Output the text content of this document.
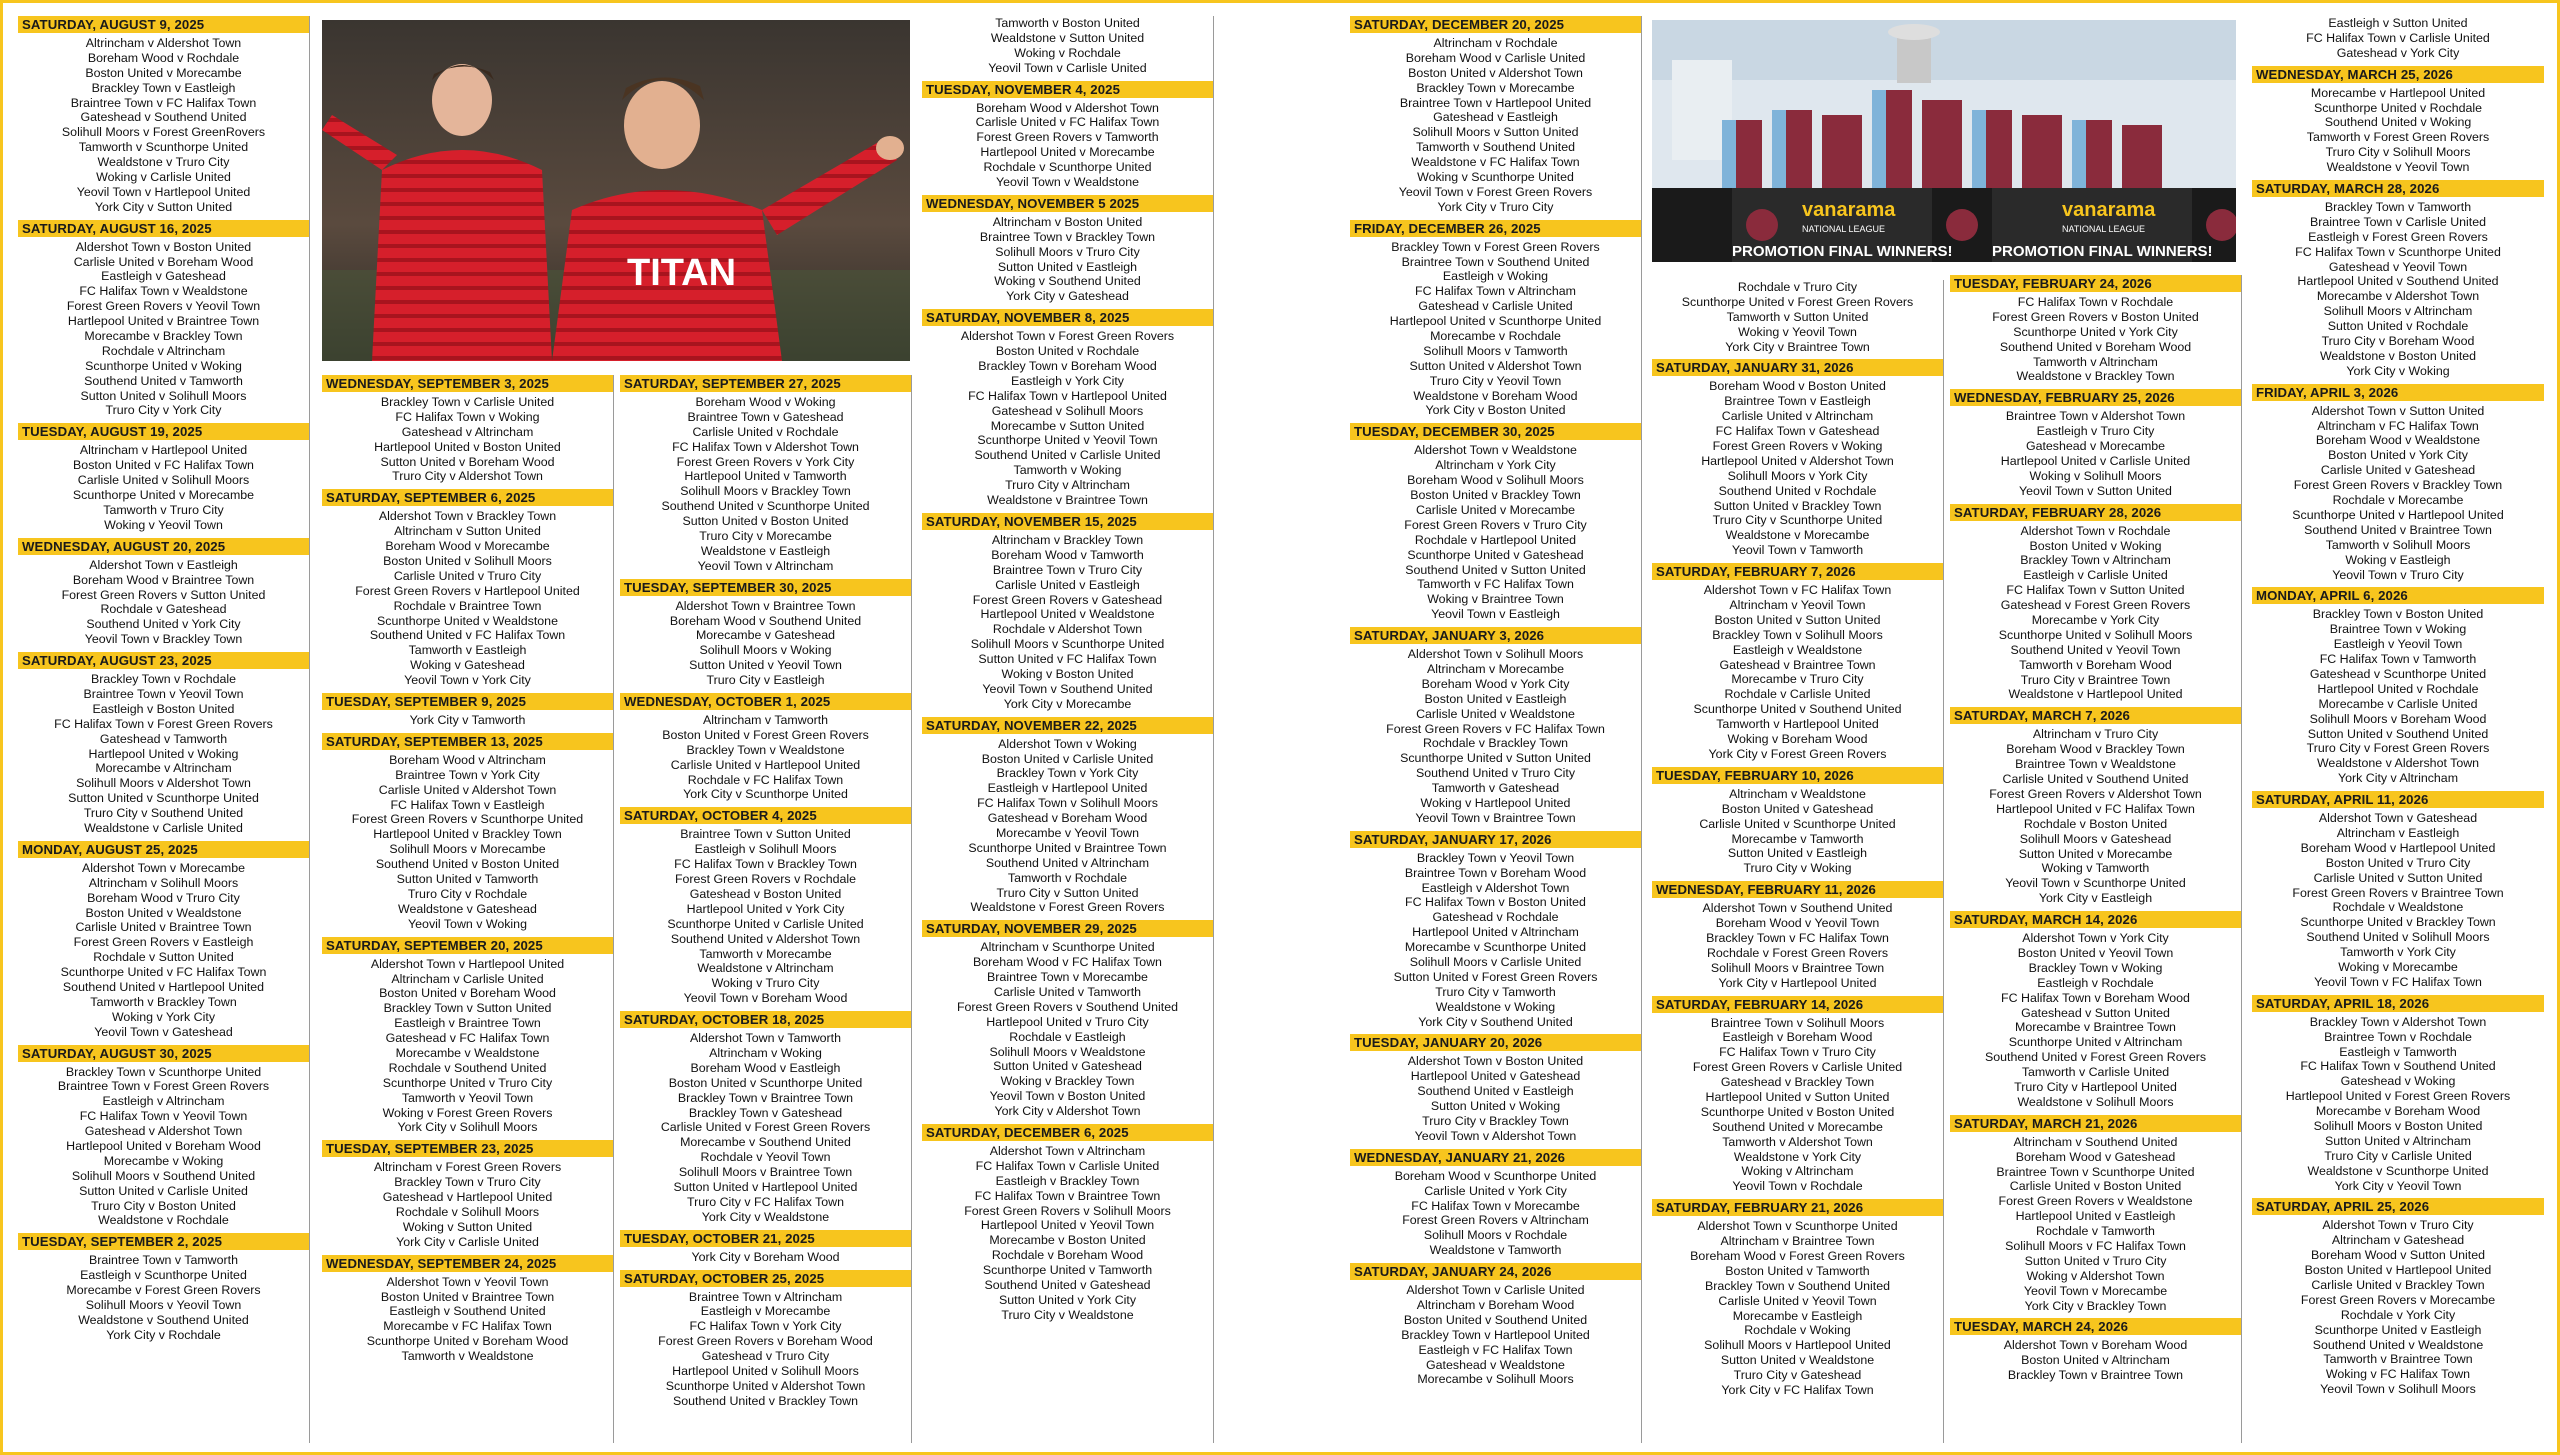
TITAN
vanarama	vanarama
NATIONAL LEAGUE	NATIONAL LEAGUE
PROMOTION FINAL WINNERS!	PROMOTION FINAL WINNERS!
SATURDAY, AUGUST 9, 2025
Altrincham v Aldershot Town
Boreham Wood v Rochdale
Boston United v Morecambe
Brackley Town v Eastleigh
Braintree Town v FC Halifax Town
Gateshead v Southend United
Solihull Moors v Forest GreenRovers
Tamworth v Scunthorpe United
Wealdstone v Truro City
Woking v Carlisle United
Yeovil Town v Hartlepool United
York City v Sutton United
SATURDAY, AUGUST 16, 2025
Aldershot Town v Boston United
Carlisle United v Boreham Wood
Eastleigh v Gateshead
FC Halifax Town v Wealdstone
Forest Green Rovers v Yeovil Town
Hartlepool United v Braintree Town
Morecambe v Brackley Town
Rochdale v Altrincham
Scunthorpe United v Woking
Southend United v Tamworth
Sutton United v Solihull Moors
Truro City v York City
TUESDAY, AUGUST 19, 2025
Altrincham v Hartlepool United
Boston United v FC Halifax Town
Carlisle United v Solihull Moors
Scunthorpe United v Morecambe
Tamworth v Truro City
Woking v Yeovil Town
WEDNESDAY, AUGUST 20, 2025
Aldershot Town v Eastleigh
Boreham Wood v Braintree Town
Forest Green Rovers v Sutton United
Rochdale v Gateshead
Southend United v York City
Yeovil Town v Brackley Town
SATURDAY, AUGUST 23, 2025
Brackley Town v Rochdale
Braintree Town v Yeovil Town
Eastleigh v Boston United
FC Halifax Town v Forest Green Rovers
Gateshead v Tamworth
Hartlepool United v Woking
Morecambe v Altrincham
Solihull Moors v Aldershot Town
Sutton United v Scunthorpe United
Truro City v Southend United
Wealdstone v Carlisle United
MONDAY, AUGUST 25, 2025
Aldershot Town v Morecambe
Altrincham v Solihull Moors
Boreham Wood v Truro City
Boston United v Wealdstone
Carlisle United v Braintree Town
Forest Green Rovers v Eastleigh
Rochdale v Sutton United
Scunthorpe United v FC Halifax Town
Southend United v Hartlepool United
Tamworth v Brackley Town
Woking v York City
Yeovil Town v Gateshead
SATURDAY, AUGUST 30, 2025
Brackley Town v Scunthorpe United
Braintree Town v Forest Green Rovers
Eastleigh v Altrincham
FC Halifax Town v Yeovil Town
Gateshead v Aldershot Town
Hartlepool United v Boreham Wood
Morecambe v Woking
Solihull Moors v Southend United
Sutton United v Carlisle United
Truro City v Boston United
Wealdstone v Rochdale
TUESDAY, SEPTEMBER 2, 2025
Braintree Town v Tamworth
Eastleigh v Scunthorpe United
Morecambe v Forest Green Rovers
Solihull Moors v Yeovil Town
Wealdstone v Southend United
York City v Rochdale
WEDNESDAY, SEPTEMBER 3, 2025
Brackley Town v Carlisle United
FC Halifax Town v Woking
Gateshead v Altrincham
Hartlepool United v Boston United
Sutton United v Boreham Wood
Truro City v Aldershot Town
SATURDAY, SEPTEMBER 6, 2025
Aldershot Town v Brackley Town
Altrincham v Sutton United
Boreham Wood v Morecambe
Boston United v Solihull Moors
Carlisle United v Truro City
Forest Green Rovers v Hartlepool United
Rochdale v Braintree Town
Scunthorpe United v Wealdstone
Southend United v FC Halifax Town
Tamworth v Eastleigh
Woking v Gateshead
Yeovil Town v York City
TUESDAY, SEPTEMBER 9, 2025
York City v Tamworth
SATURDAY, SEPTEMBER 13, 2025
Boreham Wood v Altrincham
Braintree Town v York City
Carlisle United v Aldershot Town
FC Halifax Town v Eastleigh
Forest Green Rovers v Scunthorpe United
Hartlepool United v Brackley Town
Solihull Moors v Morecambe
Southend United v Boston United
Sutton United v Tamworth
Truro City v Rochdale
Wealdstone v Gateshead
Yeovil Town v Woking
SATURDAY, SEPTEMBER 20, 2025
Aldershot Town v Hartlepool United
Altrincham v Carlisle United
Boston United v Boreham Wood
Brackley Town v Sutton United
Eastleigh v Braintree Town
Gateshead v FC Halifax Town
Morecambe v Wealdstone
Rochdale v Southend United
Scunthorpe United v Truro City
Tamworth v Yeovil Town
Woking v Forest Green Rovers
York City v Solihull Moors
TUESDAY, SEPTEMBER 23, 2025
Altrincham v Forest Green Rovers
Brackley Town v Truro City
Gateshead v Hartlepool United
Rochdale v Solihull Moors
Woking v Sutton United
York City v Carlisle United
WEDNESDAY, SEPTEMBER 24, 2025
Aldershot Town v Yeovil Town
Boston United v Braintree Town
Eastleigh v Southend United
Morecambe v FC Halifax Town
Scunthorpe United v Boreham Wood
Tamworth v Wealdstone
SATURDAY, SEPTEMBER 27, 2025
Boreham Wood v Woking
Braintree Town v Gateshead
Carlisle United v Rochdale
FC Halifax Town v Aldershot Town
Forest Green Rovers v York City
Hartlepool United v Tamworth
Solihull Moors v Brackley Town
Southend United v Scunthorpe United
Sutton United v Boston United
Truro City v Morecambe
Wealdstone v Eastleigh
Yeovil Town v Altrincham
TUESDAY, SEPTEMBER 30, 2025
Aldershot Town v Braintree Town
Boreham Wood v Southend United
Morecambe v Gateshead
Solihull Moors v Woking
Sutton United v Yeovil Town
Truro City v Eastleigh
WEDNESDAY, OCTOBER 1, 2025
Altrincham v Tamworth
Boston United v Forest Green Rovers
Brackley Town v Wealdstone
Carlisle United v Hartlepool United
Rochdale v FC Halifax Town
York City v Scunthorpe United
SATURDAY, OCTOBER 4, 2025
Braintree Town v Sutton United
Eastleigh v Solihull Moors
FC Halifax Town v Brackley Town
Forest Green Rovers v Rochdale
Gateshead v Boston United
Hartlepool United v York City
Scunthorpe United v Carlisle United
Southend United v Aldershot Town
Tamworth v Morecambe
Wealdstone v Altrincham
Woking v Truro City
Yeovil Town v Boreham Wood
SATURDAY, OCTOBER 18, 2025
Aldershot Town v Tamworth
Altrincham v Woking
Boreham Wood v Eastleigh
Boston United v Scunthorpe United
Brackley Town v Braintree Town
Brackley Town v Gateshead
Carlisle United v Forest Green Rovers
Morecambe v Southend United
Rochdale v Yeovil Town
Solihull Moors v Braintree Town
Sutton United v Hartlepool United
Truro City v FC Halifax Town
York City v Wealdstone
TUESDAY, OCTOBER 21, 2025
York City v Boreham Wood
SATURDAY, OCTOBER 25, 2025
Braintree Town v Altrincham
Eastleigh v Morecambe
FC Halifax Town v York City
Forest Green Rovers v Boreham Wood
Gateshead v Truro City
Hartlepool United v Solihull Moors
Scunthorpe United v Aldershot Town
Southend United v Brackley Town
Tamworth v Boston United
Wealdstone v Sutton United
Woking v Rochdale
Yeovil Town v Carlisle United
TUESDAY, NOVEMBER 4, 2025
Boreham Wood v Aldershot Town
Carlisle United v FC Halifax Town
Forest Green Rovers v Tamworth
Hartlepool United v Morecambe
Rochdale v Scunthorpe United
Yeovil Town v Wealdstone
WEDNESDAY, NOVEMBER 5 2025
Altrincham v Boston United
Braintree Town v Brackley Town
Solihull Moors v Truro City
Sutton United v Eastleigh
Woking v Southend United
York City v Gateshead
SATURDAY, NOVEMBER 8, 2025
Aldershot Town v Forest Green Rovers
Boston United v Rochdale
Brackley Town v Boreham Wood
Eastleigh v York City
FC Halifax Town v Hartlepool United
Gateshead v Solihull Moors
Morecambe v Sutton United
Scunthorpe United v Yeovil Town
Southend United v Carlisle United
Tamworth v Woking
Truro City v Altrincham
Wealdstone v Braintree Town
SATURDAY, NOVEMBER 15, 2025
Altrincham v Brackley Town
Boreham Wood v Tamworth
Braintree Town v Truro City
Carlisle United v Eastleigh
Forest Green Rovers v Gateshead
Hartlepool United v Wealdstone
Rochdale v Aldershot Town
Solihull Moors v Scunthorpe United
Sutton United v FC Halifax Town
Woking v Boston United
Yeovil Town v Southend United
York City v Morecambe
SATURDAY, NOVEMBER 22, 2025
Aldershot Town v Woking
Boston United v Carlisle United
Brackley Town v York City
Eastleigh v Hartlepool United
FC Halifax Town v Solihull Moors
Gateshead v Boreham Wood
Morecambe v Yeovil Town
Scunthorpe United v Braintree Town
Southend United v Altrincham
Tamworth v Rochdale
Truro City v Sutton United
Wealdstone v Forest Green Rovers
SATURDAY, NOVEMBER 29, 2025
Altrincham v Scunthorpe United
Boreham Wood v FC Halifax Town
Braintree Town v Morecambe
Carlisle United v Tamworth
Forest Green Rovers v Southend United
Hartlepool United v Truro City
Rochdale v Eastleigh
Solihull Moors v Wealdstone
Sutton United v Gateshead
Woking v Brackley Town
Yeovil Town v Boston United
York City v Aldershot Town
SATURDAY, DECEMBER 6, 2025
Aldershot Town v Altrincham
FC Halifax Town v Carlisle United
Eastleigh v Brackley Town
FC Halifax Town v Braintree Town
Forest Green Rovers v Solihull Moors
Hartlepool United v Yeovil Town
Morecambe v Boston United
Rochdale v Boreham Wood
Scunthorpe United v Tamworth
Southend United v Gateshead
Sutton United v York City
Truro City v Wealdstone
SATURDAY, DECEMBER 20, 2025
Altrincham v Rochdale
Boreham Wood v Carlisle United
Boston United v Aldershot Town
Brackley Town v Morecambe
Braintree Town v Hartlepool United
Gateshead v Eastleigh
Solihull Moors v Sutton United
Tamworth v Southend United
Wealdstone v FC Halifax Town
Woking v Scunthorpe United
Yeovil Town v Forest Green Rovers
York City v Truro City
FRIDAY, DECEMBER 26, 2025
Brackley Town v Forest Green Rovers
Braintree Town v Southend United
Eastleigh v Woking
FC Halifax Town v Altrincham
Gateshead v Carlisle United
Hartlepool United v Scunthorpe United
Morecambe v Rochdale
Solihull Moors v Tamworth
Sutton United v Aldershot Town
Truro City v Yeovil Town
Wealdstone v Boreham Wood
York City v Boston United
TUESDAY, DECEMBER 30, 2025
Aldershot Town v Wealdstone
Altrincham v York City
Boreham Wood v Solihull Moors
Boston United v Brackley Town
Carlisle United v Morecambe
Forest Green Rovers v Truro City
Rochdale v Hartlepool United
Scunthorpe United v Gateshead
Southend United v Sutton United
Tamworth v FC Halifax Town
Woking v Braintree Town
Yeovil Town v Eastleigh
SATURDAY, JANUARY 3, 2026
Aldershot Town v Solihull Moors
Altrincham v Morecambe
Boreham Wood v York City
Boston United v Eastleigh
Carlisle United v Wealdstone
Forest Green Rovers v FC Halifax Town
Rochdale v Brackley Town
Scunthorpe United v Sutton United
Southend United v Truro City
Tamworth v Gateshead
Woking v Hartlepool United
Yeovil Town v Braintree Town
SATURDAY, JANUARY 17, 2026
Brackley Town v Yeovil Town
Braintree Town v Boreham Wood
Eastleigh v Aldershot Town
FC Halifax Town v Boston United
Gateshead v Rochdale
Hartlepool United v Altrincham
Morecambe v Scunthorpe United
Solihull Moors v Carlisle United
Sutton United v Forest Green Rovers
Truro City v Tamworth
Wealdstone v Woking
York City v Southend United
TUESDAY, JANUARY 20, 2026
Aldershot Town v Boston United
Hartlepool United v Gateshead
Southend United v Eastleigh
Sutton United v Woking
Truro City v Brackley Town
Yeovil Town v Aldershot Town
WEDNESDAY, JANUARY 21, 2026
Boreham Wood v Scunthorpe United
Carlisle United v York City
FC Halifax Town v Morecambe
Forest Green Rovers v Altrincham
Solihull Moors v Rochdale
Wealdstone v Tamworth
SATURDAY, JANUARY 24, 2026
Aldershot Town v Carlisle United
Altrincham v Boreham Wood
Boston United v Southend United
Brackley Town v Hartlepool United
Eastleigh v FC Halifax Town
Gateshead v Wealdstone
Morecambe v Solihull Moors
Rochdale v Truro City
Scunthorpe United v Forest Green Rovers
Tamworth v Sutton United
Woking v Yeovil Town
York City v Braintree Town
SATURDAY, JANUARY 31, 2026
Boreham Wood v Boston United
Braintree Town v Eastleigh
Carlisle United v Altrincham
FC Halifax Town v Gateshead
Forest Green Rovers v Woking
Hartlepool United v Aldershot Town
Solihull Moors v York City
Southend United v Rochdale
Sutton United v Brackley Town
Truro City v Scunthorpe United
Wealdstone v Morecambe
Yeovil Town v Tamworth
SATURDAY, FEBRUARY 7, 2026
Aldershot Town v FC Halifax Town
Altrincham v Yeovil Town
Boston United v Sutton United
Brackley Town v Solihull Moors
Eastleigh v Wealdstone
Gateshead v Braintree Town
Morecambe v Truro City
Rochdale v Carlisle United
Scunthorpe United v Southend United
Tamworth v Hartlepool United
Woking v Boreham Wood
York City v Forest Green Rovers
TUESDAY, FEBRUARY 10, 2026
Altrincham v Wealdstone
Boston United v Gateshead
Carlisle United v Scunthorpe United
Morecambe v Tamworth
Sutton United v Eastleigh
Truro City v Woking
WEDNESDAY, FEBRUARY 11, 2026
Aldershot Town v Southend United
Boreham Wood v Yeovil Town
Brackley Town v FC Halifax Town
Rochdale v Forest Green Rovers
Solihull Moors v Braintree Town
York City v Hartlepool United
SATURDAY, FEBRUARY 14, 2026
Braintree Town v Solihull Moors
Eastleigh v Boreham Wood
FC Halifax Town v Truro City
Forest Green Rovers v Carlisle United
Gateshead v Brackley Town
Hartlepool United v Sutton United
Scunthorpe United v Boston United
Southend United v Morecambe
Tamworth v Aldershot Town
Wealdstone v York City
Woking v Altrincham
Yeovil Town v Rochdale
SATURDAY, FEBRUARY 21, 2026
Aldershot Town v Scunthorpe United
Altrincham v Braintree Town
Boreham Wood v Forest Green Rovers
Boston United v Tamworth
Brackley Town v Southend United
Carlisle United v Yeovil Town
Morecambe v Eastleigh
Rochdale v Woking
Solihull Moors v Hartlepool United
Sutton United v Wealdstone
Truro City v Gateshead
York City v FC Halifax Town
TUESDAY, FEBRUARY 24, 2026
FC Halifax Town v Rochdale
Forest Green Rovers v Boston United
Scunthorpe United v York City
Southend United v Boreham Wood
Tamworth v Altrincham
Wealdstone v Brackley Town
WEDNESDAY, FEBRUARY 25, 2026
Braintree Town v Aldershot Town
Eastleigh v Truro City
Gateshead v Morecambe
Hartlepool United v Carlisle United
Woking v Solihull Moors
Yeovil Town v Sutton United
SATURDAY, FEBRUARY 28, 2026
Aldershot Town v Rochdale
Boston United v Woking
Brackley Town v Altrincham
Eastleigh v Carlisle United
FC Halifax Town v Sutton United
Gateshead v Forest Green Rovers
Morecambe v York City
Scunthorpe United v Solihull Moors
Southend United v Yeovil Town
Tamworth v Boreham Wood
Truro City v Braintree Town
Wealdstone v Hartlepool United
SATURDAY, MARCH 7, 2026
Altrincham v Truro City
Boreham Wood v Brackley Town
Braintree Town v Wealdstone
Carlisle United v Southend United
Forest Green Rovers v Aldershot Town
Hartlepool United v FC Halifax Town
Rochdale v Boston United
Solihull Moors v Gateshead
Sutton United v Morecambe
Woking v Tamworth
Yeovil Town v Scunthorpe United
York City v Eastleigh
SATURDAY, MARCH 14, 2026
Aldershot Town v York City
Boston United v Yeovil Town
Brackley Town v Woking
Eastleigh v Rochdale
FC Halifax Town v Boreham Wood
Gateshead v Sutton United
Morecambe v Braintree Town
Scunthorpe United v Altrincham
Southend United v Forest Green Rovers
Tamworth v Carlisle United
Truro City v Hartlepool United
Wealdstone v Solihull Moors
SATURDAY, MARCH 21, 2026
Altrincham v Southend United
Boreham Wood v Gateshead
Braintree Town v Scunthorpe United
Carlisle United v Boston United
Forest Green Rovers v Wealdstone
Hartlepool United v Eastleigh
Rochdale v Tamworth
Solihull Moors v FC Halifax Town
Sutton United v Truro City
Woking v Aldershot Town
Yeovil Town v Morecambe
York City v Brackley Town
TUESDAY, MARCH 24, 2026
Aldershot Town v Boreham Wood
Boston United v Altrincham
Brackley Town v Braintree Town
Eastleigh v Sutton United
FC Halifax Town v Carlisle United
Gateshead v York City
WEDNESDAY, MARCH 25, 2026
Morecambe v Hartlepool United
Scunthorpe United v Rochdale
Southend United v Woking
Tamworth v Forest Green Rovers
Truro City v Solihull Moors
Wealdstone v Yeovil Town
SATURDAY, MARCH 28, 2026
Brackley Town v Tamworth
Braintree Town v Carlisle United
Eastleigh v Forest Green Rovers
FC Halifax Town v Scunthorpe United
Gateshead v Yeovil Town
Hartlepool United v Southend United
Morecambe v Aldershot Town
Solihull Moors v Altrincham
Sutton United v Rochdale
Truro City v Boreham Wood
Wealdstone v Boston United
York City v Woking
FRIDAY, APRIL 3, 2026
Aldershot Town v Sutton United
Altrincham v FC Halifax Town
Boreham Wood v Wealdstone
Boston United v York City
Carlisle United v Gateshead
Forest Green Rovers v Brackley Town
Rochdale v Morecambe
Scunthorpe United v Hartlepool United
Southend United v Braintree Town
Tamworth v Solihull Moors
Woking v Eastleigh
Yeovil Town v Truro City
MONDAY, APRIL 6, 2026
Brackley Town v Boston United
Braintree Town v Woking
Eastleigh v Yeovil Town
FC Halifax Town v Tamworth
Gateshead v Scunthorpe United
Hartlepool United v Rochdale
Morecambe v Carlisle United
Solihull Moors v Boreham Wood
Sutton United v Southend United
Truro City v Forest Green Rovers
Wealdstone v Aldershot Town
York City v Altrincham
SATURDAY, APRIL 11, 2026
Aldershot Town v Gateshead
Altrincham v Eastleigh
Boreham Wood v Hartlepool United
Boston United v Truro City
Carlisle United v Sutton United
Forest Green Rovers v Braintree Town
Rochdale v Wealdstone
Scunthorpe United v Brackley Town
Southend United v Solihull Moors
Tamworth v York City
Woking v Morecambe
Yeovil Town v FC Halifax Town
SATURDAY, APRIL 18, 2026
Brackley Town v Aldershot Town
Braintree Town v Rochdale
Eastleigh v Tamworth
FC Halifax Town v Southend United
Gateshead v Woking
Hartlepool United v Forest Green Rovers
Morecambe v Boreham Wood
Solihull Moors v Boston United
Sutton United v Altrincham
Truro City v Carlisle United
Wealdstone v Scunthorpe United
York City v Yeovil Town
SATURDAY, APRIL 25, 2026
Aldershot Town v Truro City
Altrincham v Gateshead
Boreham Wood v Sutton United
Boston United v Hartlepool United
Carlisle United v Brackley Town
Forest Green Rovers v Morecambe
Rochdale v York City
Scunthorpe United v Eastleigh
Southend United v Wealdstone
Tamworth v Braintree Town
Woking v FC Halifax Town
Yeovil Town v Solihull Moors
